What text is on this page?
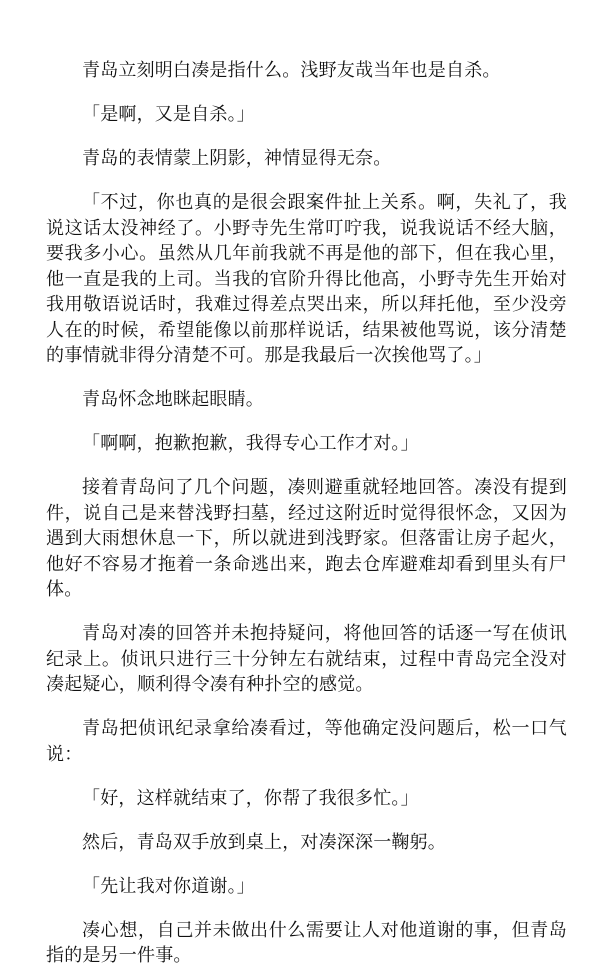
青岛立刻明白凑是指什么。浅野友哉当年也是自杀。

「是啊，又是自杀。」

青岛的表情蒙上阴影，神情显得无奈。

「不过，你也真的是很会跟案件扯上关系。啊，失礼了，我说这话太没神经了。小野寺先生常叮咛我，说我说话不经大脑，要我多小心。虽然从几年前我就不再是他的部下，但在我心里，他一直是我的上司。当我的官阶升得比他高，小野寺先生开始对我用敬语说话时，我难过得差点哭出来，所以拜托他，至少没旁人在的时候，希望能像以前那样说话，结果被他骂说，该分清楚的事情就非得分清楚不可。那是我最后一次挨他骂了。」

青岛怀念地眯起眼睛。

「啊啊，抱歉抱歉，我得专心工作才对。」

接着青岛问了几个问题，凑则避重就轻地回答。凑没有提到件，说自己是来替浅野扫墓，经过这附近时觉得很怀念，又因为遇到大雨想休息一下，所以就进到浅野家。但落雷让房子起火，他好不容易才拖着一条命逃出来，跑去仓库避难却看到里头有尸体。

青岛对凑的回答并未抱持疑问，将他回答的话逐一写在侦讯纪录上。侦讯只进行三十分钟左右就结束，过程中青岛完全没对凑起疑心，顺利得令凑有种扑空的感觉。

青岛把侦讯纪录拿给凑看过，等他确定没问题后，松一口气说：

「好，这样就结束了，你帮了我很多忙。」

然后，青岛双手放到桌上，对凑深深一鞠躬。

「先让我对你道谢。」

凑心想，自己并未做出什么需要让人对他道谢的事，但青岛指的是另一件事。
